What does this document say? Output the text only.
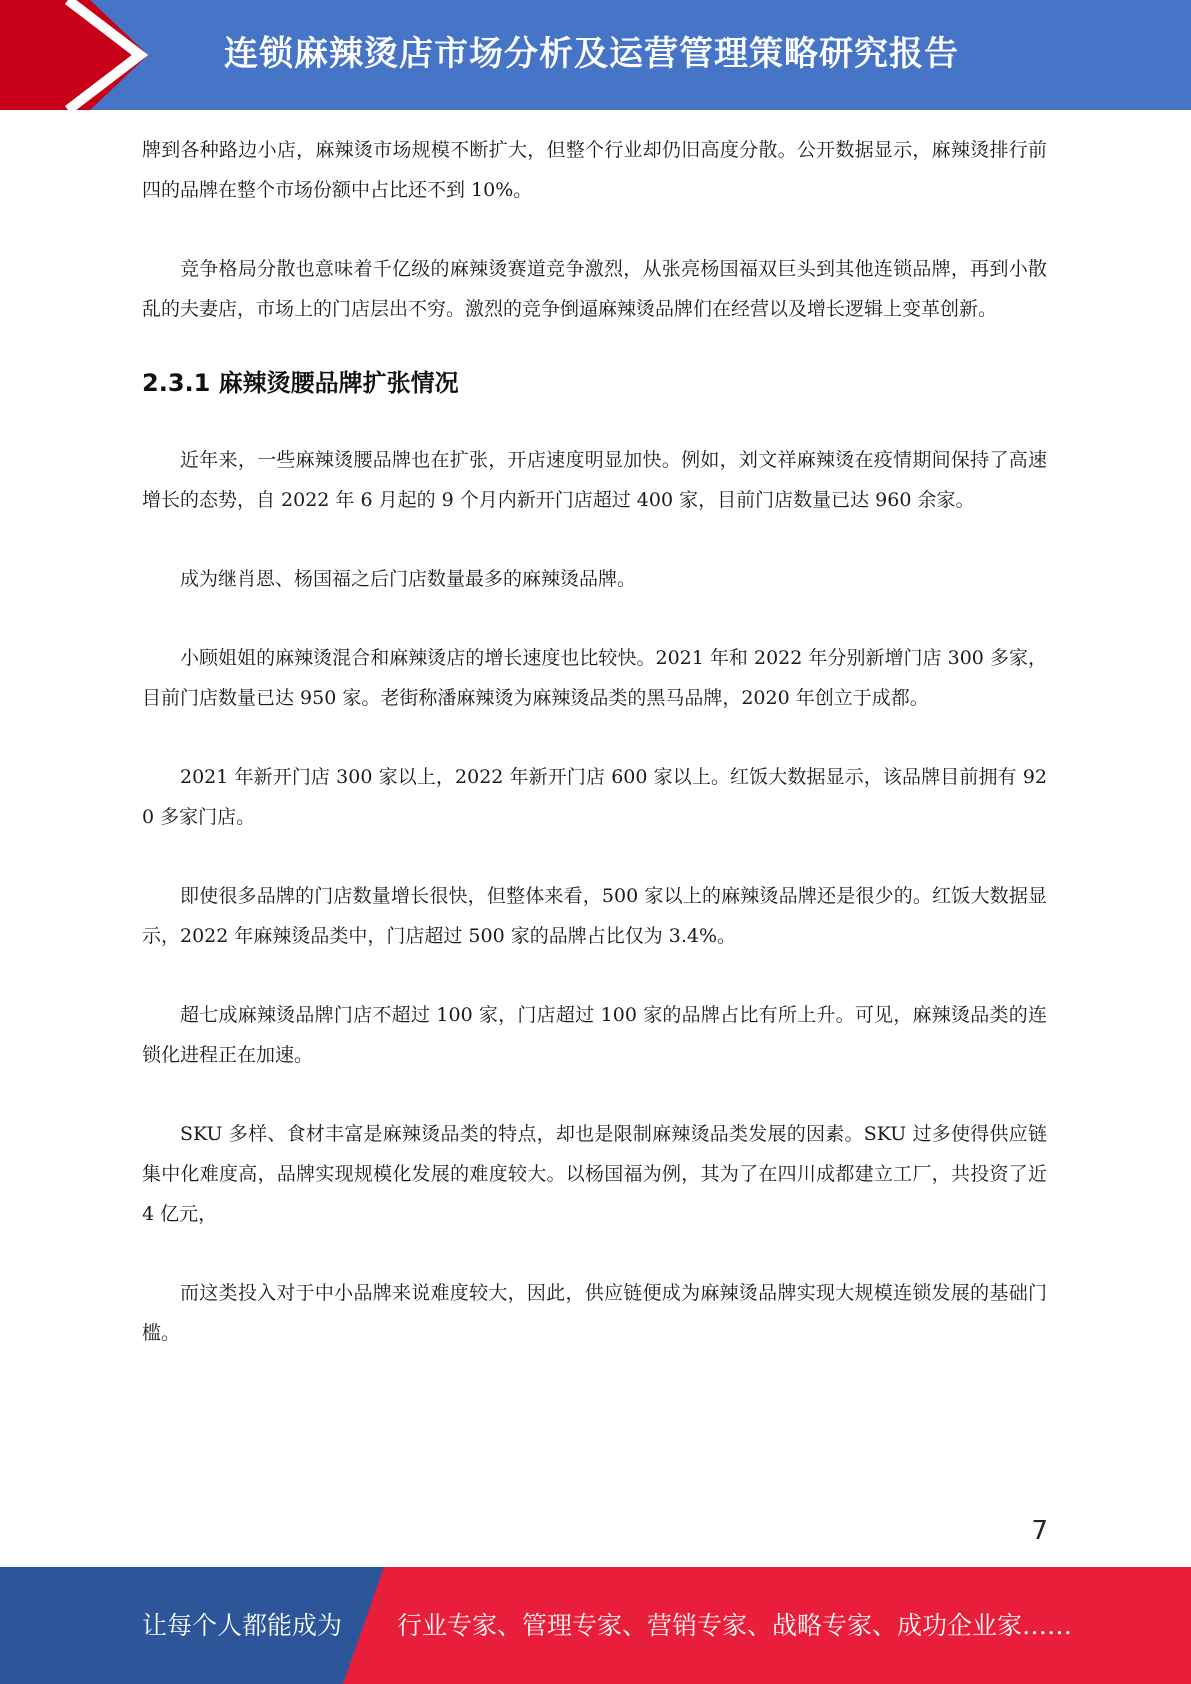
连锁麻辣烫店市场分析及运营管理策略研究报告

牌到各种路边小店，麻辣烫市场规模不断扩大，但整个行业却仍旧高度分散。公开数据显示，麻辣烫排行前四的品牌在整个市场份额中占比还不到 10%。

竞争格局分散也意味着千亿级的麻辣烫赛道竞争激烈，从张亮杨国福双巨头到其他连锁品牌，再到小散乱的夫妻店，市场上的门店层出不穷。激烈的竞争倒逼麻辣烫品牌们在经营以及增长逻辑上变革创新。

2.3.1 麻辣烫腰品牌扩张情况

近年来，一些麻辣烫腰品牌也在扩张，开店速度明显加快。例如，刘文祥麻辣烫在疫情期间保持了高速增长的态势，自 2022 年 6 月起的 9 个月内新开门店超过 400 家，目前门店数量已达 960 余家。

成为继肖恩、杨国福之后门店数量最多的麻辣烫品牌。

小顾姐姐的麻辣烫混合和麻辣烫店的增长速度也比较快。2021 年和 2022 年分别新增门店 300 多家，目前门店数量已达 950 家。老街称潘麻辣烫为麻辣烫品类的黑马品牌，2020 年创立于成都。

2021 年新开门店 300 家以上，2022 年新开门店 600 家以上。红饭大数据显示，该品牌目前拥有 920 多家门店。

即使很多品牌的门店数量增长很快，但整体来看，500 家以上的麻辣烫品牌还是很少的。红饭大数据显示，2022 年麻辣烫品类中，门店超过 500 家的品牌占比仅为 3.4%。

超七成麻辣烫品牌门店不超过 100 家，门店超过 100 家的品牌占比有所上升。可见，麻辣烫品类的连锁化进程正在加速。

SKU 多样、食材丰富是麻辣烫品类的特点，却也是限制麻辣烫品类发展的因素。SKU 过多使得供应链集中化难度高，品牌实现规模化发展的难度较大。以杨国福为例，其为了在四川成都建立工厂，共投资了近 4 亿元，

而这类投入对于中小品牌来说难度较大，因此，供应链便成为麻辣烫品牌实现大规模连锁发展的基础门槛。

7
让每个人都能成为 行业专家、管理专家、营销专家、战略专家、成功企业家……
